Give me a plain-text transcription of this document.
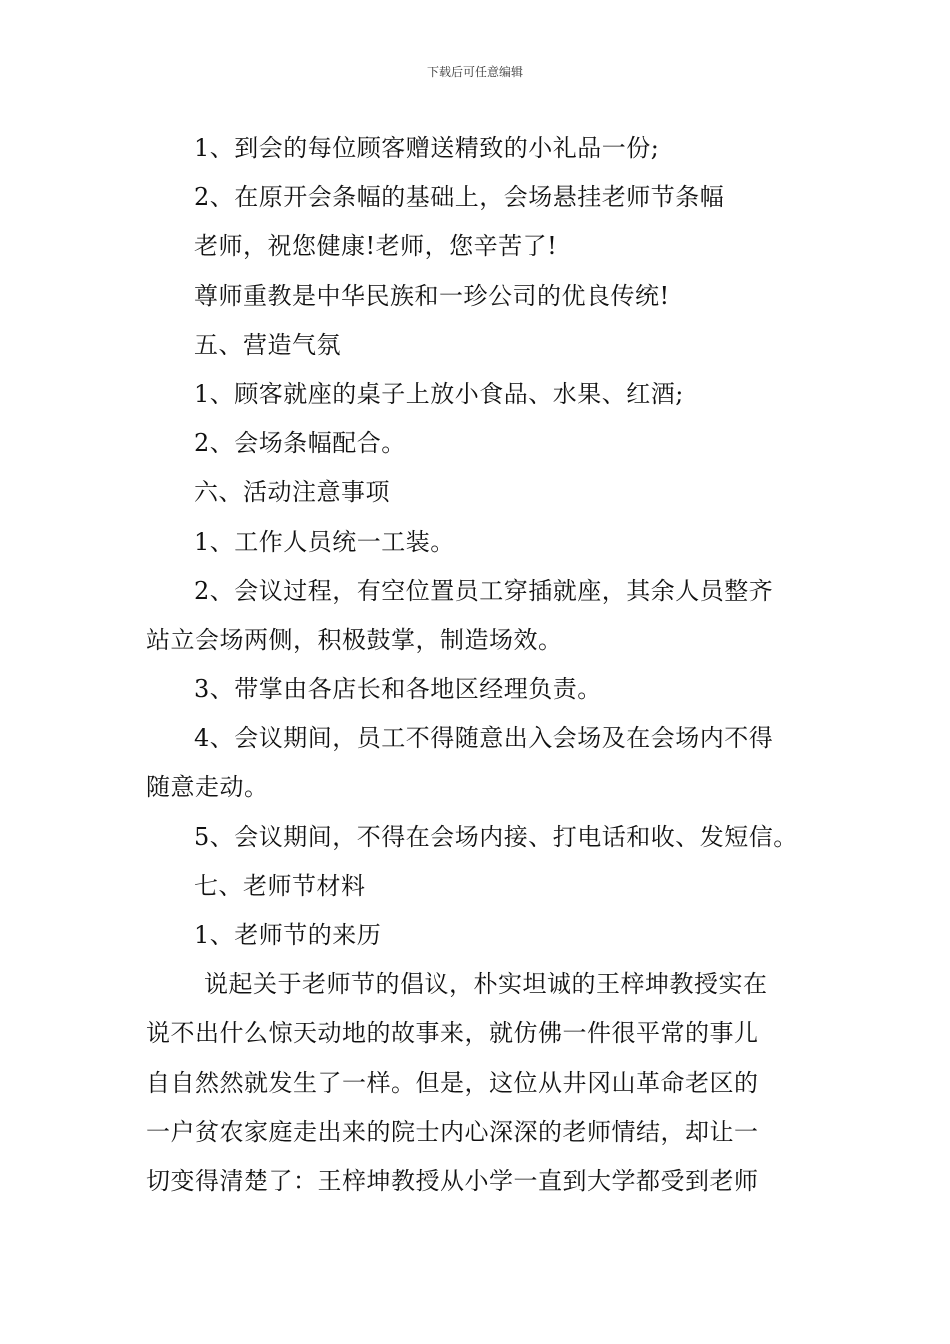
下载后可任意编辑
1、到会的每位顾客赠送精致的小礼品一份;
2、在原开会条幅的基础上，会场悬挂老师节条幅
老师，祝您健康!老师，您辛苦了!
尊师重教是中华民族和一珍公司的优良传统!
五、营造气氛
1、顾客就座的桌子上放小食品、水果、红酒;
2、会场条幅配合。
六、活动注意事项
1、工作人员统一工装。
2、会议过程，有空位置员工穿插就座，其余人员整齐
站立会场两侧，积极鼓掌，制造场效。
3、带掌由各店长和各地区经理负责。
4、会议期间，员工不得随意出入会场及在会场内不得
随意走动。
5、会议期间，不得在会场内接、打电话和收、发短信。
七、老师节材料
1、老师节的来历
说起关于老师节的倡议，朴实坦诚的王梓坤教授实在
说不出什么惊天动地的故事来，就仿佛一件很平常的事儿
自自然然就发生了一样。但是，这位从井冈山革命老区的
一户贫农家庭走出来的院士内心深深的老师情结，却让一
切变得清楚了：王梓坤教授从小学一直到大学都受到老师
